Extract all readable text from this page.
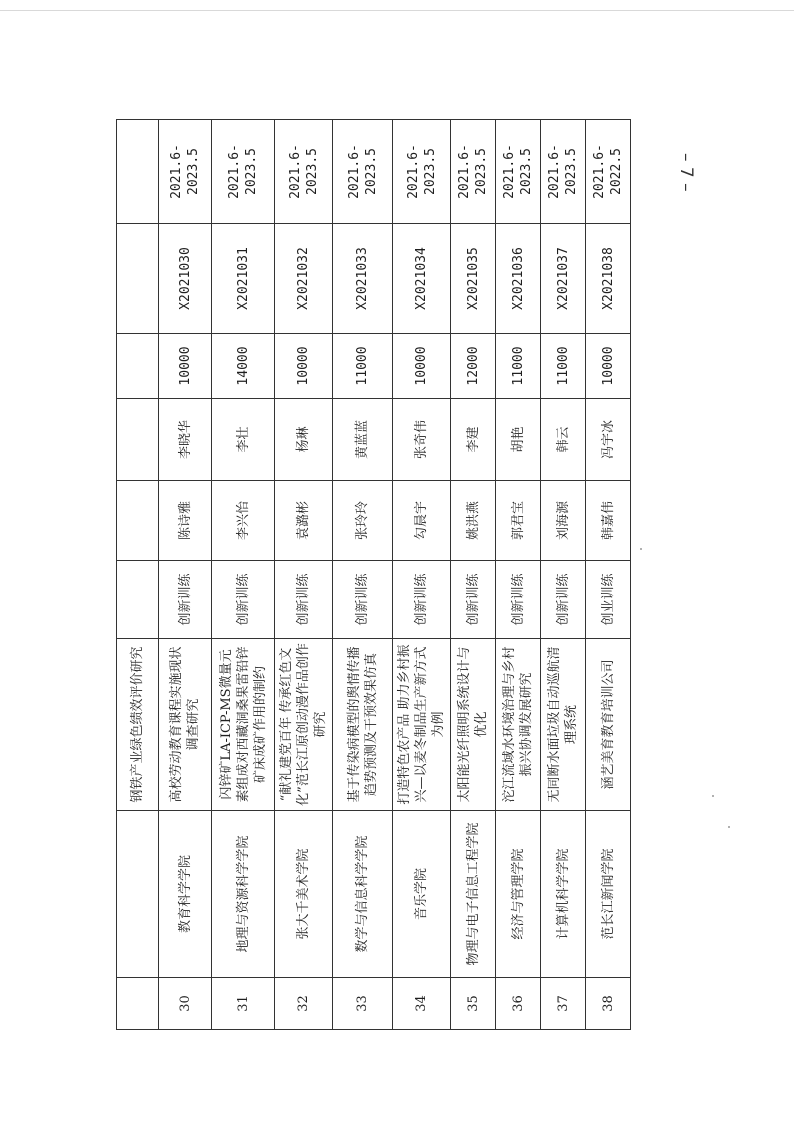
		钢铁产业绿色绩效评价研究						
30	教育科学学院	高校劳动教育课程实施现状调查研究	创新训练	陈诗雅	李晓华	10000	X2021030	2021.6-2023.5
31	地理与资源科学学院	闪锌矿LA-ICP-MS微量元素组成对西藏洞桑果雷铅锌矿床成矿作用的制约	创新训练	李兴怡	李壮	14000	X2021031	2021.6-2023.5
32	张大千美术学院	“献礼建党百年 传承红色文化”范长江原创动漫作品创作研究	创新训练	袁潞彬	杨琳	10000	X2021032	2021.6-2023.5
33	数学与信息科学学院	基于传染病模型的舆情传播趋势预测及干预效果仿真	创新训练	张玲玲	黄蓝蓝	11000	X2021033	2021.6-2023.5
34	音乐学院	打造特色农产品 助力乡村振兴—以麦冬制品生产新方式为例	创新训练	勾晨宇	张奇伟	10000	X2021034	2021.6-2023.5
35	物理与电子信息工程学院	太阳能光纤照明系统设计与优化	创新训练	姚洪燕	李建	12000	X2021035	2021.6-2023.5
36	经济与管理学院	沱江流域水环境治理与乡村振兴协调发展研究	创新训练	郭君宝	胡艳	11000	X2021036	2021.6-2023.5
37	计算机科学学院	无同断水面垃圾自动巡航清理系统	创新训练	刘海源	韩云	11000	X2021037	2021.6-2023.5
38	范长江新闻学院	涵艺美育教育培训公司	创业训练	韩嘉伟	冯宇冰	10000	X2021038	2021.6-2022.5	– 7 –
